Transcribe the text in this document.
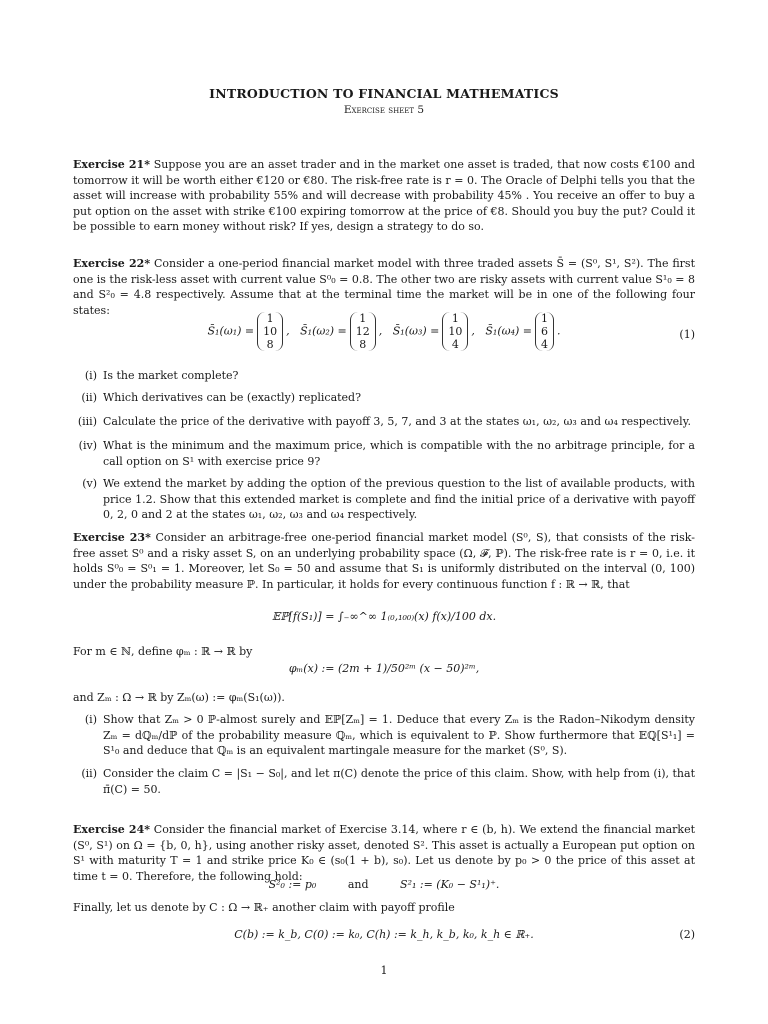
INTRODUCTION TO FINANCIAL MATHEMATICS
Exercise sheet 5
Exercise 21* Suppose you are an asset trader and in the market one asset is traded, that now costs €100 and tomorrow it will be worth either €120 or €80. The risk-free rate is r = 0. The Oracle of Delphi tells you that the asset will increase with probability 55% and will decrease with probability 45% . You receive an offer to buy a put option on the asset with strike €100 expiring tomorrow at the price of €8. Should you buy the put? Could it be possible to earn money without risk? If yes, design a strategy to do so.
Exercise 22* Consider a one-period financial market model with three traded assets S̄ = (S⁰, S¹, S²). The first one is the risk-less asset with current value S⁰₀ = 0.8. The other two are risky assets with current value S¹₀ = 8 and S²₀ = 4.8 respectively. Assume that at the terminal time the market will be in one of the following four states:
S̄₁(ω₁) =1
10
8,   S̄₁(ω₂) =1
12
8,   S̄₁(ω₃) =1
10
4,   S̄₁(ω₄) =1
6
4.	(1)
(i) Is the market complete?
(ii) Which derivatives can be (exactly) replicated?
(iii) Calculate the price of the derivative with payoff 3, 5, 7, and 3 at the states ω₁, ω₂, ω₃ and ω₄ respectively.
(iv) What is the minimum and the maximum price, which is compatible with the no arbitrage principle, for a call option on S¹ with exercise price 9?
(v) We extend the market by adding the option of the previous question to the list of available products, with price 1.2. Show that this extended market is complete and find the initial price of a derivative with payoff 0, 2, 0 and 2 at the states ω₁, ω₂, ω₃ and ω₄ respectively.
Exercise 23* Consider an arbitrage-free one-period financial market model (S⁰, S), that consists of the risk-free asset S⁰ and a risky asset S, on an underlying probability space (Ω, 𝓕, ℙ). The risk-free rate is r = 0, i.e. it holds S⁰₀ = S⁰₁ = 1. Moreover, let S₀ = 50 and assume that S₁ is uniformly distributed on the interval (0, 100) under the probability measure ℙ. In particular, it holds for every continuous function f : ℝ → ℝ, that
𝔼ℙ[f(S₁)] = ∫₋∞^∞ 1₍₀,₁₀₀₎(x) f(x)/100 dx.
For m ∈ ℕ, define φₘ : ℝ → ℝ by
φₘ(x) := (2m + 1)/50²ᵐ (x − 50)²ᵐ,
and Zₘ : Ω → ℝ by Zₘ(ω) := φₘ(S₁(ω)).
(i) Show that Zₘ > 0 ℙ-almost surely and 𝔼ℙ[Zₘ] = 1. Deduce that every Zₘ is the Radon–Nikodym density Zₘ = dℚₘ/dℙ of the probability measure ℚₘ, which is equivalent to ℙ. Show furthermore that 𝔼ℚ[S¹₁] = S¹₀ and deduce that ℚₘ is an equivalent martingale measure for the market (S⁰, S).
(ii) Consider the claim C = |S₁ − S₀|, and let π(C) denote the price of this claim. Show, with help from (i), that π̄(C) = 50.
Exercise 24* Consider the financial market of Exercise 3.14, where r ∈ (b, h). We extend the financial market (S⁰, S¹) on Ω = {b, 0, h}, using another risky asset, denoted S². This asset is actually a European put option on S¹ with maturity T = 1 and strike price K₀ ∈ (s₀(1 + b), s₀). Let us denote by p₀ > 0 the price of this asset at time t = 0. Therefore, the following hold:
S²₀ := p₀	and	S²₁ := (K₀ − S¹₁)⁺.
Finally, let us denote by C : Ω → ℝ₊ another claim with payoff profile
C(b) := k_b, C(0) := k₀, C(h) := k_h, k_b, k₀, k_h ∈ ℝ₊.	(2)
1
